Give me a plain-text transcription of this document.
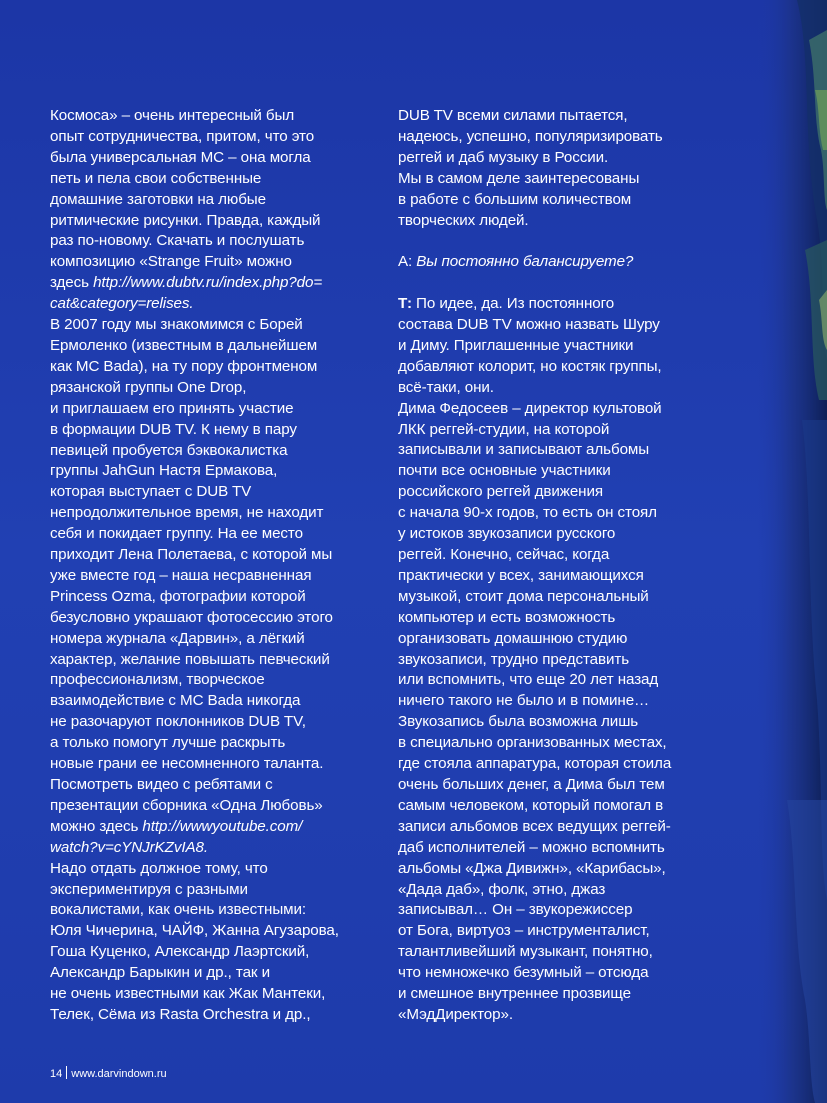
Космоса» – очень интересный был

опыт сотрудничества, притом, что это

была универсальная МС – она могла

петь и пела свои собственные

домашние заготовки на любые

ритмические рисунки. Правда, каждый

раз по-новому. Скачать и послушать

композицию «Strange Fruit» можно

здесь http://www.dubtv.ru/index.php?do=

cat&category=relises.

В 2007 году мы знакомимся с Борей

Ермоленко (известным в дальнейшем

как МС Bada), на ту пору фронтменом

рязанской группы One Drop,

и приглашаем его принять участие

в формации DUB TV. К нему в пару

певицей пробуется бэквокалистка

группы JahGun Настя Ермакова,

которая выступает с DUB TV

непродолжительное время, не находит

себя и покидает группу. На ее место

приходит Лена Полетаева, с которой мы

уже вместе год – наша несравненная

Princess Ozma, фотографии которой

безусловно украшают фотосессию этого

номера журнала «Дарвин», а лёгкий

характер, желание повышать певческий

профессионализм, творческое

взаимодействие с МС Bada никогда

не разочаруют поклонников DUB TV,

а только помогут лучше раскрыть

новые грани ее несомненного таланта.

Посмотреть видео с ребятами с

презентации сборника «Одна Любовь»

можно здесь http://wwwyoutube.com/

watch?v=cYNJrKZvIA8.

Надо отдать должное тому, что

экспериментируя с разными

вокалистами, как очень известными:

Юля Чичерина, ЧАЙФ, Жанна Агузарова,

Гоша Куценко, Александр Лаэртский,

Александр Барыкин и др., так и

не очень известными как Жак Мантеки,

Телек, Сёма из Rasta Orchestra и др.,

DUB TV всеми силами пытается,

надеюсь, успешно, популяризировать

реггей и даб музыку в России.

Мы в самом деле заинтересованы

в работе с большим количеством

творческих людей.

А: Вы постоянно балансируете?

Т: По идее, да. Из постоянного

состава DUB TV можно назвать Шуру

и Диму. Приглашенные участники

добавляют колорит, но костяк группы,

всё-таки, они.

Дима Федосеев – директор культовой

ЛКК реггей-студии, на которой

записывали и записывают альбомы

почти все основные участники

российского реггей движения

с начала 90-х годов, то есть он стоял

у истоков звукозаписи русского

реггей. Конечно, сейчас, когда

практически у всех, занимающихся

музыкой, стоит дома персональный

компьютер и есть возможность

организовать домашнюю студию

звукозаписи, трудно представить

или вспомнить, что еще 20 лет назад

ничего такого не было и в помине…

Звукозапись была возможна лишь

в специально организованных местах,

где стояла аппаратура, которая стоила

очень больших денег, а Дима был тем

самым человеком, который помогал в

записи альбомов всех ведущих реггей-

даб исполнителей – можно вспомнить

альбомы «Джа Дивижн», «Карибасы»,

«Дада даб», фолк, этно, джаз

записывал… Он – звукорежиссер

от Бога, виртуоз – инструменталист,

талантливейший музыкант, понятно,

что немножечко безумный – отсюда

и смешное внутреннее прозвище

«МэдДиректор».

14 www.darvindown.ru
